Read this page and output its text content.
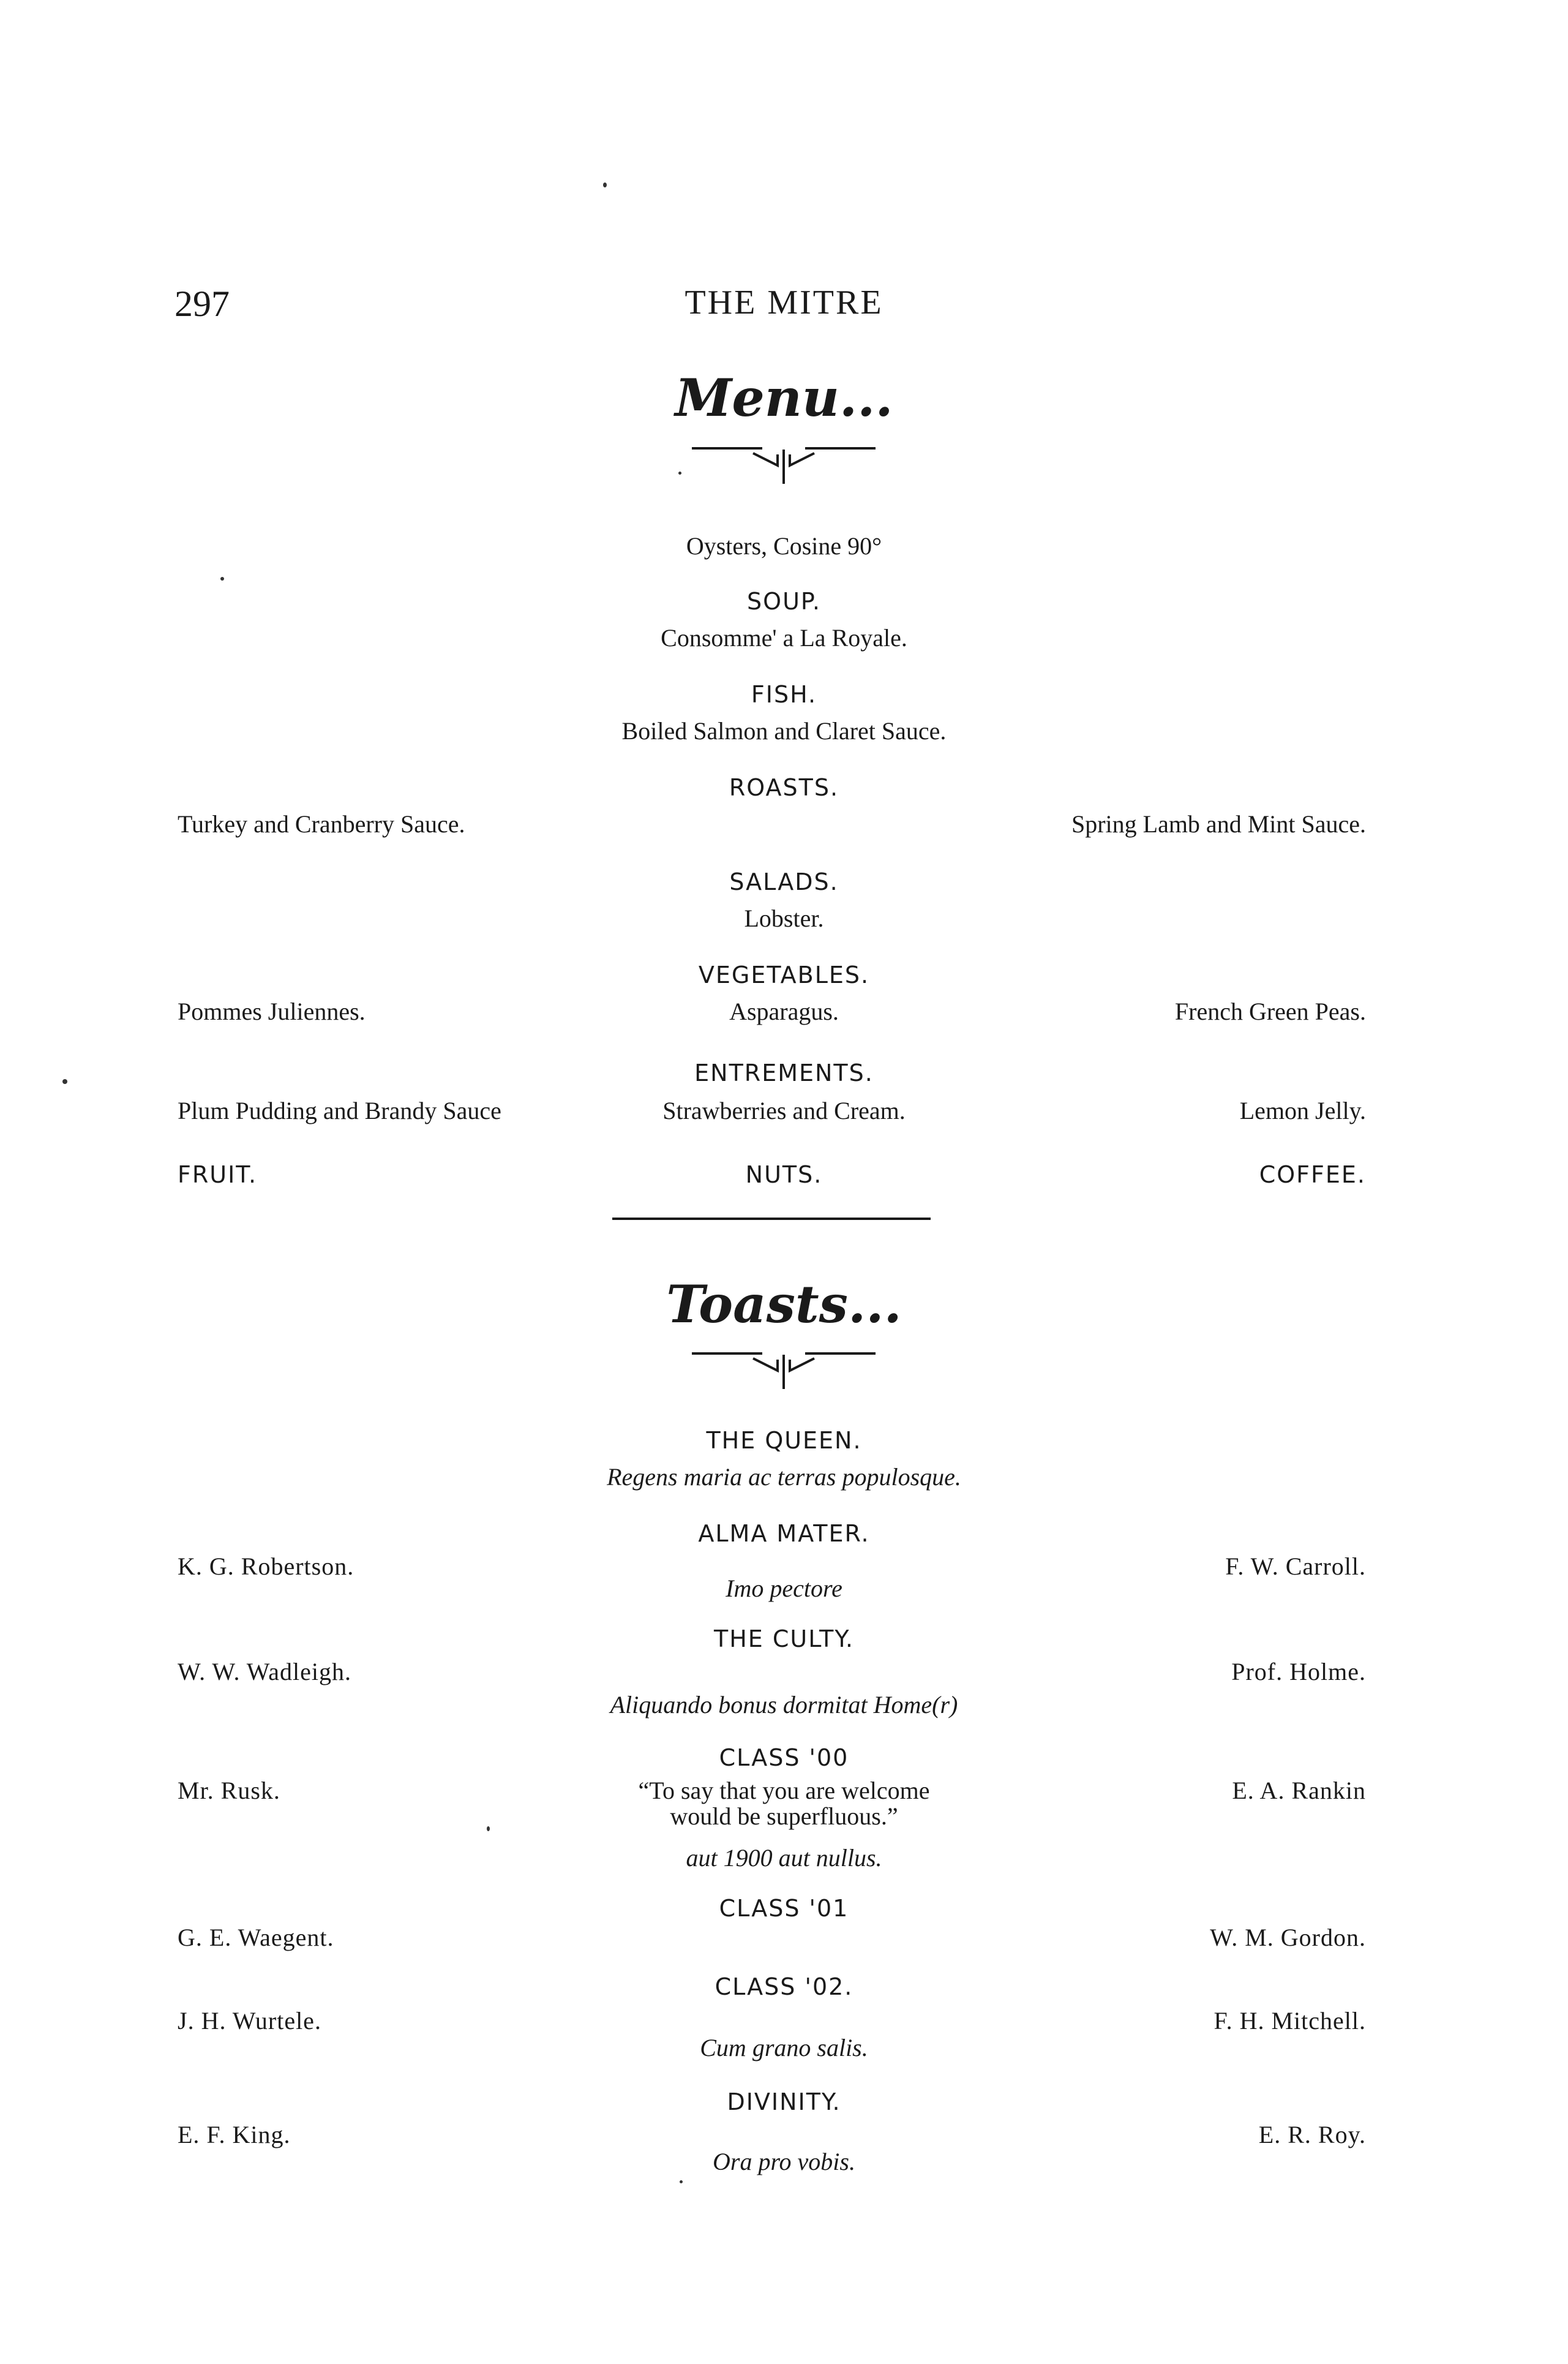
297	THE MITRE
Menu...
Oysters, Cosine 90°
SOUP.
Consomme' a La Royale.
FISH.
Boiled Salmon and Claret Sauce.
ROASTS.
Turkey and Cranberry Sauce.	Spring Lamb and Mint Sauce.
SALADS.
Lobster.
VEGETABLES.
Pommes Juliennes.	Asparagus.	French Green Peas.
ENTREMENTS.
Plum Pudding and Brandy Sauce	Strawberries and Cream.	Lemon Jelly.
FRUIT.	NUTS.	COFFEE.
Toasts...
THE QUEEN.
Regens maria ac terras populosque.
ALMA MATER.
K. G. Robertson.	F. W. Carroll.
Imo pectore
THE CULTY.
W. W. Wadleigh.	Prof. Holme.
Aliquando bonus dormitat Home(r)
CLASS '00
Mr. Rusk.	E. A. Rankin
“To say that you are welcome
would be superfluous.”
aut 1900 aut nullus.
CLASS '01
G. E. Waegent.	W. M. Gordon.
CLASS '02.
J. H. Wurtele.	F. H. Mitchell.
Cum grano salis.
DIVINITY.
E. F. King.	E. R. Roy.
Ora pro vobis.
